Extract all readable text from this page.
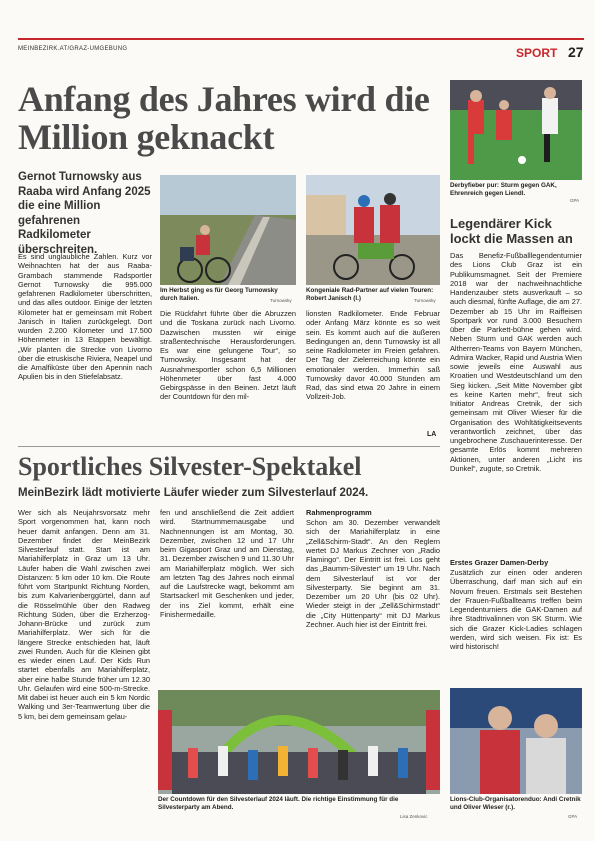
MEINBEZIRK.AT/GRAZ-UMGEBUNG	SPORT 27
Anfang des Jahres wird die Million geknackt
Gernot Turnowsky aus Raaba wird Anfang 2025 die eine Million gefahrenen Radkilometer überschreiten.
Im Herbst ging es für Georg Turnowsky durch Italien.	Turnowsky
Kongeniale Rad-Partner auf vielen Touren: Robert Janisch (l.)	Turnowsky
Es sind unglaubliche Zahlen. Kurz vor Weihnachten hat der aus Raaba-Grambach stammende Radsportler Gernot Turnowsky die 995.000 gefahrenen Radkilometer überschritten, und das alles outdoor. Einige der letzten Kilometer hat er gemeinsam mit Robert Janisch in Italien zurückgelegt. Dort wurden 2.200 Kilometer und 17.500 Höhenmeter in 13 Etappen bewältigt. „Wir planten die Strecke von Livorno über die etruskische Riviera, Neapel und die Amalfiküste über den Apennin nach Apulien bis in den Stiefelabsatz.
Die Rückfahrt führte über die Abruzzen und die Toskana zurück nach Livorno. Dazwischen mussten wir einige straßentechnische Herausforderungen. Es war eine gelungene Tour“, so Turnowsky. Insgesamt hat der Ausnahmesportler schon 6,5 Millionen Höhenmeter über fast 4.000 Gebirgspässe in den Beinen. Jetzt läuft der Countdown für den mil-
lionsten Radkilometer. Ende Februar oder Anfang März könnte es so weit sein. Es kommt auch auf die äußeren Bedingungen an, denn Turnowsky ist all seine Radkilometer im Freien gefahren. Der Tag der Zielerreichung könnte ein emotionaler werden. Immerhin saß Turnowsky davor 40.000 Stunden am Rad, das sind etwa 20 Jahre in einem Vollzeit-Job.
LA
Derbyfieber pur: Sturm gegen GAK, Ehrenreich gegen Liendl.
GPA
Legendärer Kick lockt die Massen an
Das Benefiz-Fußballlegendenturnier des Lions Club Graz ist ein Publikumsmagnet. Seit der Premiere 2018 war der nachweihnachtliche Handenzauber stets ausverkauft – so auch diesmal, fünfte Auflage, die am 27. Dezember ab 15 Uhr im Raiffeisen Sportpark vor rund 3.000 Besuchern über die Parkett-bühne gehen wird. Neben Sturm und GAK werden auch Altherren-Teams von Bayern München, Admira Wacker, Rapid und Austria Wien sowie jeweils eine Auswahl aus Kroatien und Westdeutschland um den Sieg kicken. „Seit Mitte November gibt es keine Karten mehr“, freut sich Initiator Andreas Cretnik, der sich gemeinsam mit Oliver Wieser für die Organisation des Wohltätigkeitsevents verantwortlich zeichnet, über das ungebrochene Zuschauerinteresse. Der gesamte Erlös kommt mehreren Aktionen, unter anderen „Licht ins Dunkel“, zugute, so Cretnik.
Erstes Grazer Damen-Derby
Zusätzlich zur einen oder anderen Überraschung, darf man sich auf ein Novum freuen. Erstmals seit Bestehen der Frauen-Fußballteams treffen beim Legendenturniers die GAK-Damen auf ihre Stadtrivalinnen von SK Sturm. Wie sich die Grazer Kick-Ladies schlagen werden, wird sich weisen. Fix ist: Es wird historisch!
Lions-Club-Organisatorenduo: Andi Cretnik und Oliver Wieser (r.).
GPA
Sportliches Silvester-Spektakel
MeinBezirk lädt motivierte Läufer wieder zum Silvesterlauf 2024.
Wer sich als Neujahrsvorsatz mehr Sport vorgenommen hat, kann noch heuer damit anfangen. Denn am 31. Dezember findet der MeinBezirk Silvesterlauf statt. Start ist am Mariahilferplatz in Graz um 13 Uhr. Läufer haben die Wahl zwischen zwei Distanzen: 5 km oder 10 km. Die Route führt vom Startpunkt Richtung Norden, bis zum Kalvarienberggürtel, dann auf die Rösselmühle über den Radweg Richtung Süden, über die Erzherzog-Johann-Brücke und zurück zum Mariahilferplatz. Wer sich für die längere Strecke entschieden hat, läuft zwei Runden. Auch für die Kleinen gibt es wieder einen Lauf. Der Kids Run startet ebenfalls am Mariahilferplatz, aber eine halbe Stunde früher um 12.30 Uhr. Gelaufen wird eine 500-m-Strecke. Mit dabei ist heuer auch ein 5 km Nordic Walking und 3er-Teamwertung über die 5 km, bei dem gemeinsam gelau-
fen und anschließend die Zeit addiert wird. Startnummernausgabe und Nachnennungen ist am Montag, 30. Dezember, zwischen 12 und 17 Uhr beim Gigasport Graz und am Dienstag, 31. Dezember zwischen 9 und 11.30 Uhr am Mariahilferplatz möglich. Wer sich am letzten Tag des Jahres noch einmal auf die Laufstrecke wagt, bekommt am Startsackerl mit Geschenken und jeder, der ins Ziel kommt, erhält eine Finishermedaille.
Rahmenprogramm
Schon am 30. Dezember verwandelt sich der Mariahilferplatz in eine „Zell&Schirm-Stadt“. An den Reglern wertet DJ Markus Zechner von „Radio Flamingo“. Der Eintritt ist frei. Los geht das „Baumm-Silvester“ um 19 Uhr. Nach dem Silvesterlauf ist vor der Silvesterparty. Sie beginnt am 31. Dezember um 20 Uhr (bis 02 Uhr). Wieder steigt in der „Zell&Schirmstadt“ die „City Hüttenparty“ mit DJ Markus Zechner. Auch hier ist der Eintritt frei.
Der Countdown für den Silvesterlauf 2024 läuft. Die richtige Einstimmung für die Silvesterparty am Abend.
Lisa Zenkovic
